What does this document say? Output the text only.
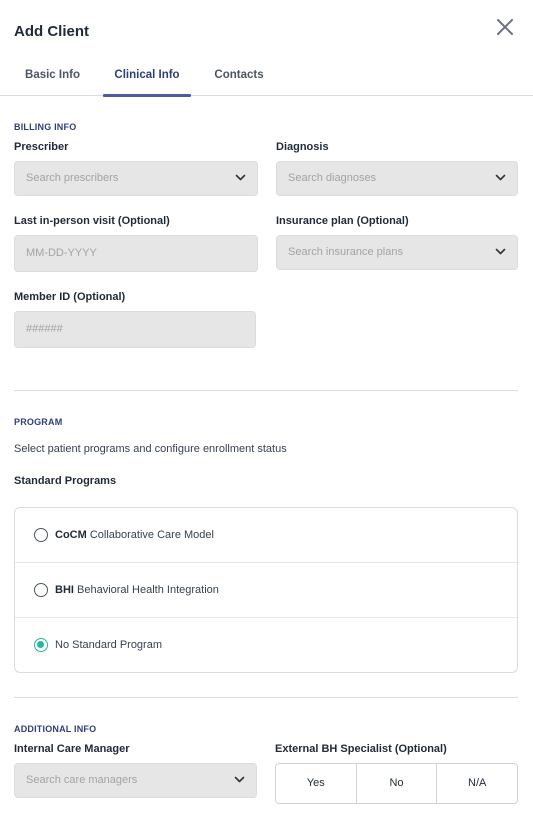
Add Client
Basic Info	Clinical Info	Contacts
BILLING INFO
Prescriber
Search prescribers
Diagnosis
Search diagnoses
Last in-person visit (Optional)
MM-DD-YYYY
Insurance plan (Optional)
Search insurance plans
Member ID (Optional)
######
PROGRAM
Select patient programs and configure enrollment status
Standard Programs
CoCM Collaborative Care Model
BHI Behavioral Health Integration
No Standard Program
ADDITIONAL INFO
Internal Care Manager
Search care managers
External BH Specialist (Optional)
Yes	No	N/A
